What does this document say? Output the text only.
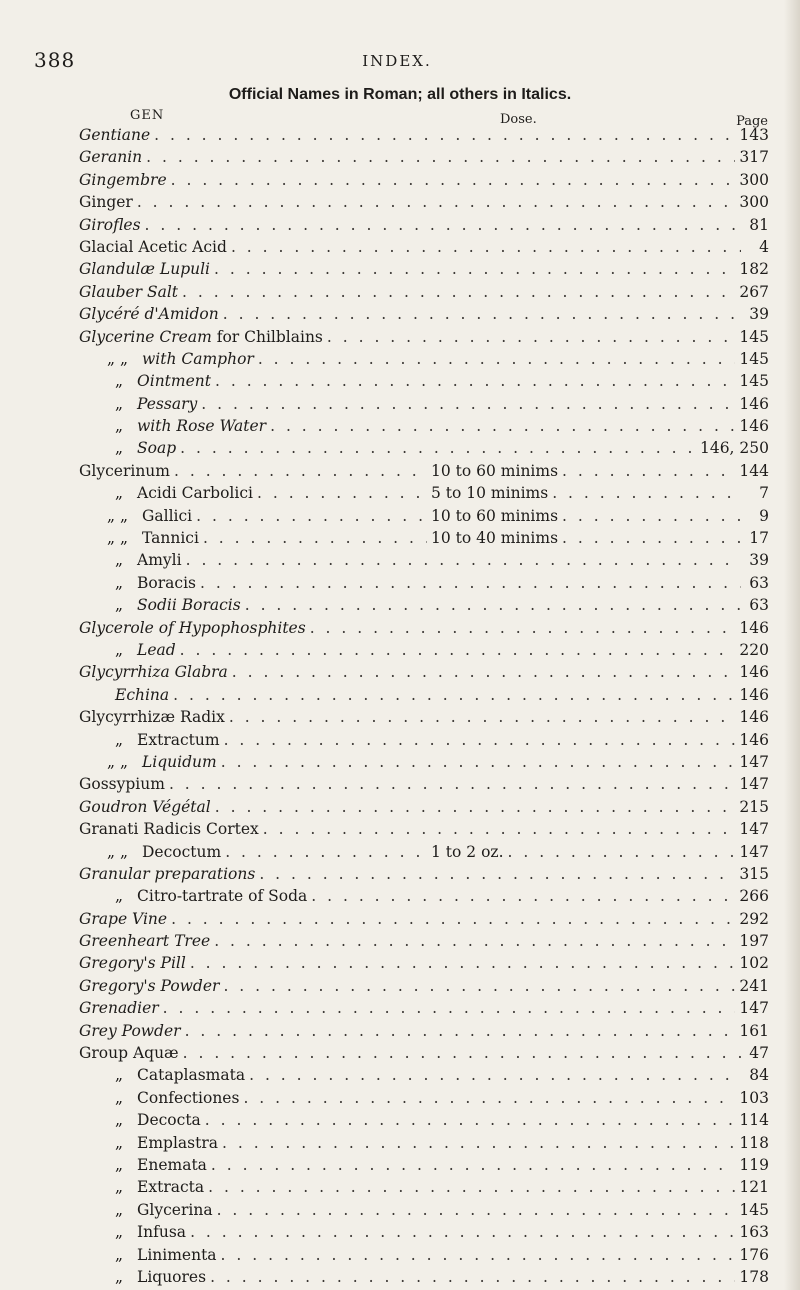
388	INDEX.
Official Names in Roman; all others in Italics.
GEN	Dose.	Page
Gentiane . . .	143
Geranin . . .	317
Gingembre . . .	300
Ginger . . .	300
Girofles . . .	81
Glacial Acetic Acid . . .	4
Glandulæ Lupuli . . .	182
Glauber Salt . . .	267
Glycéré d'Amidon . . .	39
Glycerine Cream for Chilblains . . .	145
„ „ with Camphor . . .	145
„ Ointment . . .	145
„ Pessary . . .	146
„ with Rose Water . . .	146
„ Soap . . .	146, 250
Glycerinum . . .	10 to 60 minims . . .	144
„ Acidi Carbolici . . .	5 to 10 minims . . .	7
„ „ Gallici . . .	10 to 60 minims . . .	9
„ „ Tannici . . .	10 to 40 minims . . .	17
„ Amyli . . .	39
„ Boracis . . .	63
„ Sodii Boracis . . .	63
Glycerole of Hypophosphites . . .	146
„ Lead . . .	220
Glycyrrhiza Glabra . . .	146
Echina . . .	146
Glycyrrhizæ Radix . . .	146
„ Extractum . . .	146
„ „ Liquidum . . .	147
Gossypium . . .	147
Goudron Végétal . . .	215
Granati Radicis Cortex . . .	147
„ „ Decoctum . . .	1 to 2 oz. . . .	147
Granular preparations . . .	315
„ Citro-tartrate of Soda . . .	266
Grape Vine . . .	292
Greenheart Tree . . .	197
Gregory's Pill . . .	102
Gregory's Powder . . .	241
Grenadier . . .	147
Grey Powder . . .	161
Group Aquæ . . .	47
„ Cataplasmata . . .	84
„ Confectiones . . .	103
„ Decocta . . .	114
„ Emplastra . . .	118
„ Enemata . . .	119
„ Extracta . . .	121
„ Glycerina . . .	145
„ Infusa . . .	163
„ Linimenta . . .	176
„ Liquores . . .	178
